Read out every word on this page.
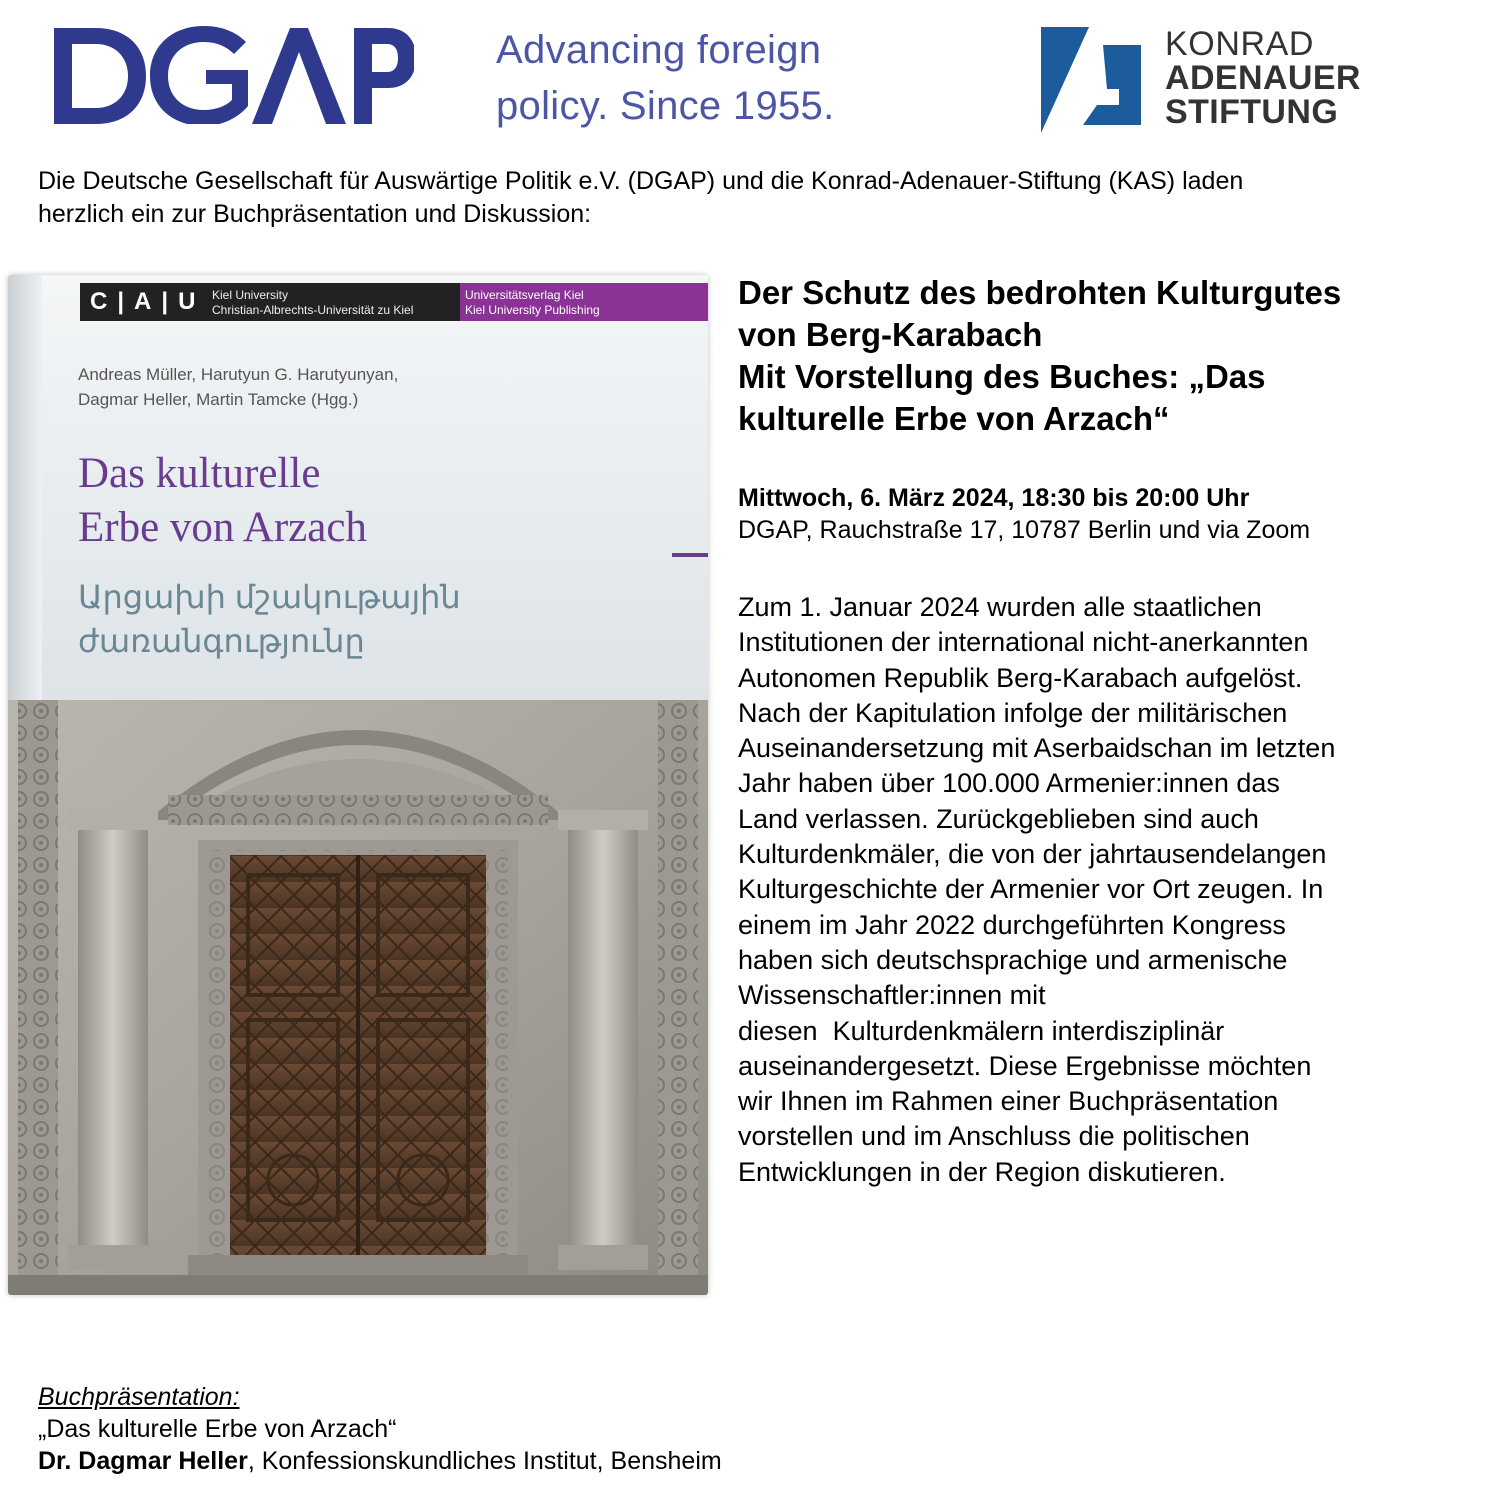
Advancing foreign
policy. Since 1955.
KONRAD
ADENAUER
STIFTUNG
Die Deutsche Gesellschaft für Auswärtige Politik e.V. (DGAP) und die Konrad-Adenauer-Stiftung (KAS) laden
herzlich ein zur Buchpräsentation und Diskussion:
C|A|U Kiel University
Christian-Albrechts-Universität zu Kiel
Universitätsverlag Kiel
Kiel University Publishing
Andreas Müller, Harutyun G. Harutyunyan,
Dagmar Heller, Martin Tamcke (Hgg.)
Das kulturelle
Erbe von Arzach
Արցախի մշակութային
ժառանգությունը
Der Schutz des bedrohten Kulturgutes
von Berg-Karabach
Mit Vorstellung des Buches: „Das
kulturelle Erbe von Arzach“
Mittwoch, 6. März 2024, 18:30 bis 20:00 Uhr
DGAP, Rauchstraße 17, 10787 Berlin und via Zoom
Zum 1. Januar 2024 wurden alle staatlichen
Institutionen der international nicht-anerkannten
Autonomen Republik Berg-Karabach aufgelöst.
Nach der Kapitulation infolge der militärischen
Auseinandersetzung mit Aserbaidschan im letzten
Jahr haben über 100.000 Armenier:innen das
Land verlassen. Zurückgeblieben sind auch
Kulturdenkmäler, die von der jahrtausendelangen
Kulturgeschichte der Armenier vor Ort zeugen. In
einem im Jahr 2022 durchgeführten Kongress
haben sich deutschsprachige und armenische
Wissenschaftler:innen mit
diesen  Kulturdenkmälern interdisziplinär
auseinandergesetzt. Diese Ergebnisse möchten
wir Ihnen im Rahmen einer Buchpräsentation
vorstellen und im Anschluss die politischen
Entwicklungen in der Region diskutieren.
Buchpräsentation:
„Das kulturelle Erbe von Arzach“
Dr. Dagmar Heller, Konfessionskundliches Institut, Bensheim
